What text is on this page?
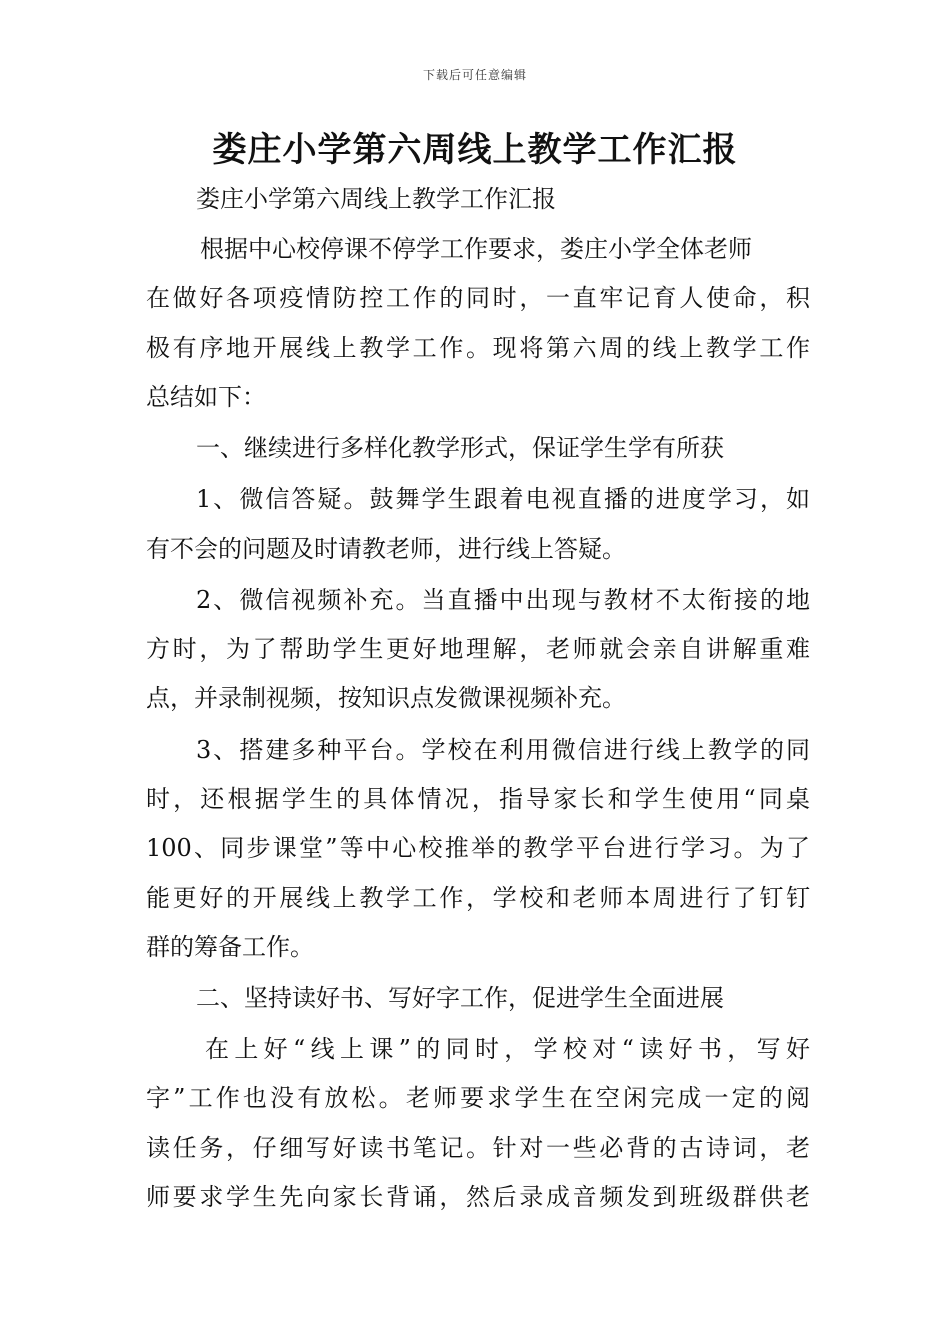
下载后可任意编辑
娄庄小学第六周线上教学工作汇报
娄庄小学第六周线上教学工作汇报
根据中心校停课不停学工作要求，娄庄小学全体老师
在做好各项疫情防控工作的同时，一直牢记育人使命，积
极有序地开展线上教学工作。现将第六周的线上教学工作
总结如下：
一、继续进行多样化教学形式，保证学生学有所获
1、微信答疑。鼓舞学生跟着电视直播的进度学习，如
有不会的问题及时请教老师，进行线上答疑。
2、微信视频补充。当直播中出现与教材不太衔接的地
方时，为了帮助学生更好地理解，老师就会亲自讲解重难
点，并录制视频，按知识点发微课视频补充。
3、搭建多种平台。学校在利用微信进行线上教学的同
时，还根据学生的具体情况，指导家长和学生使用“同桌
100、同步课堂”等中心校推举的教学平台进行学习。为了
能更好的开展线上教学工作，学校和老师本周进行了钉钉
群的筹备工作。
二、坚持读好书、写好字工作，促进学生全面进展
在上好“线上课”的同时，学校对“读好书，写好
字”工作也没有放松。老师要求学生在空闲完成一定的阅
读任务，仔细写好读书笔记。针对一些必背的古诗词，老
师要求学生先向家长背诵，然后录成音频发到班级群供老
